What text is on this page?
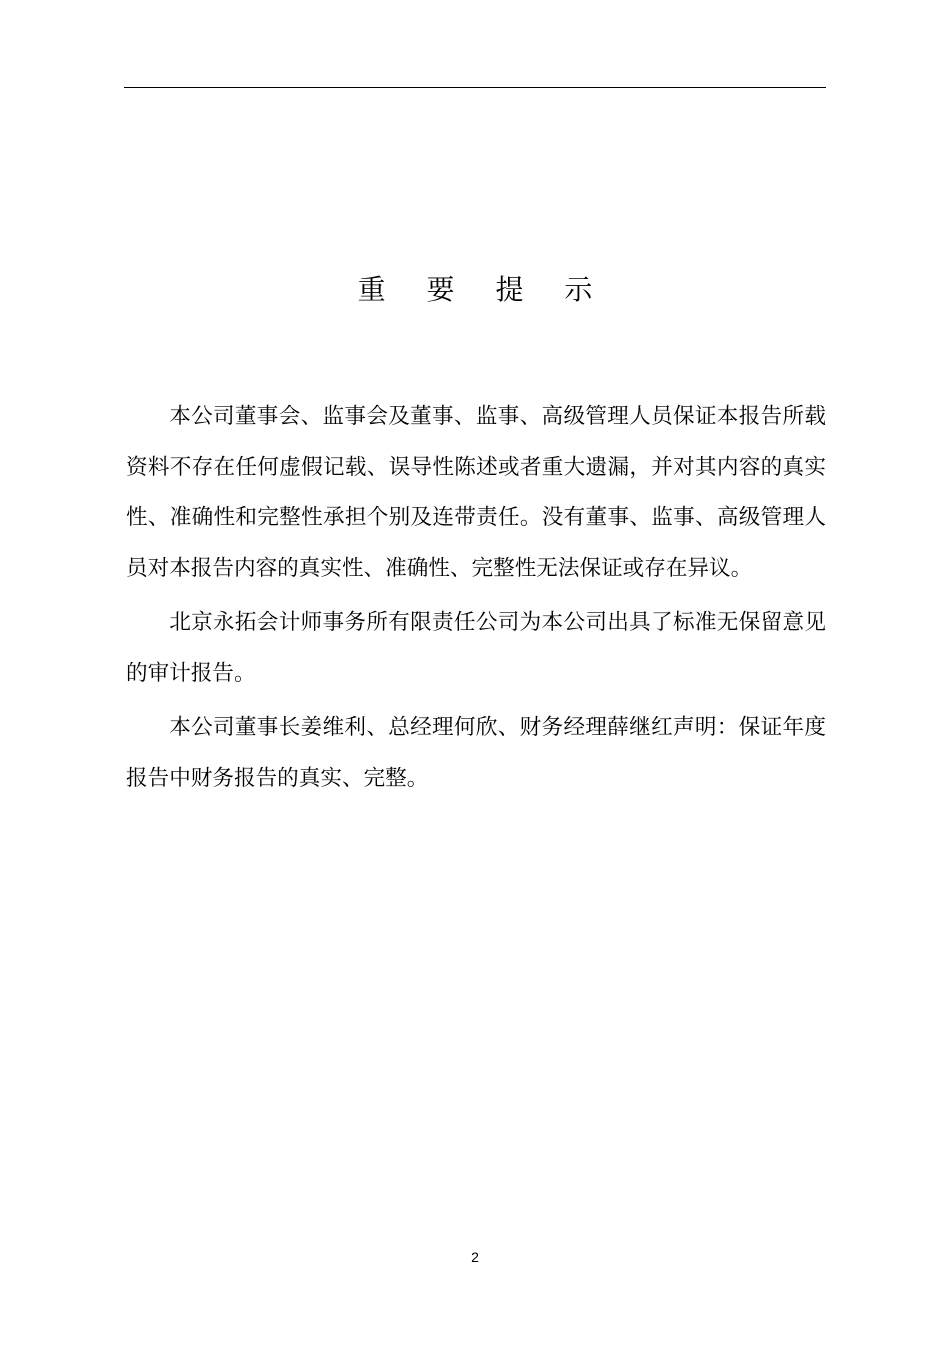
重 要 提 示

本公司董事会、监事会及董事、监事、高级管理人员保证本报告所载资料不存在任何虚假记载、误导性陈述或者重大遗漏，并对其内容的真实性、准确性和完整性承担个别及连带责任。没有董事、监事、高级管理人员对本报告内容的真实性、准确性、完整性无法保证或存在异议。

北京永拓会计师事务所有限责任公司为本公司出具了标准无保留意见的审计报告。

本公司董事长姜维利、总经理何欣、财务经理薛继红声明：保证年度报告中财务报告的真实、完整。

2
